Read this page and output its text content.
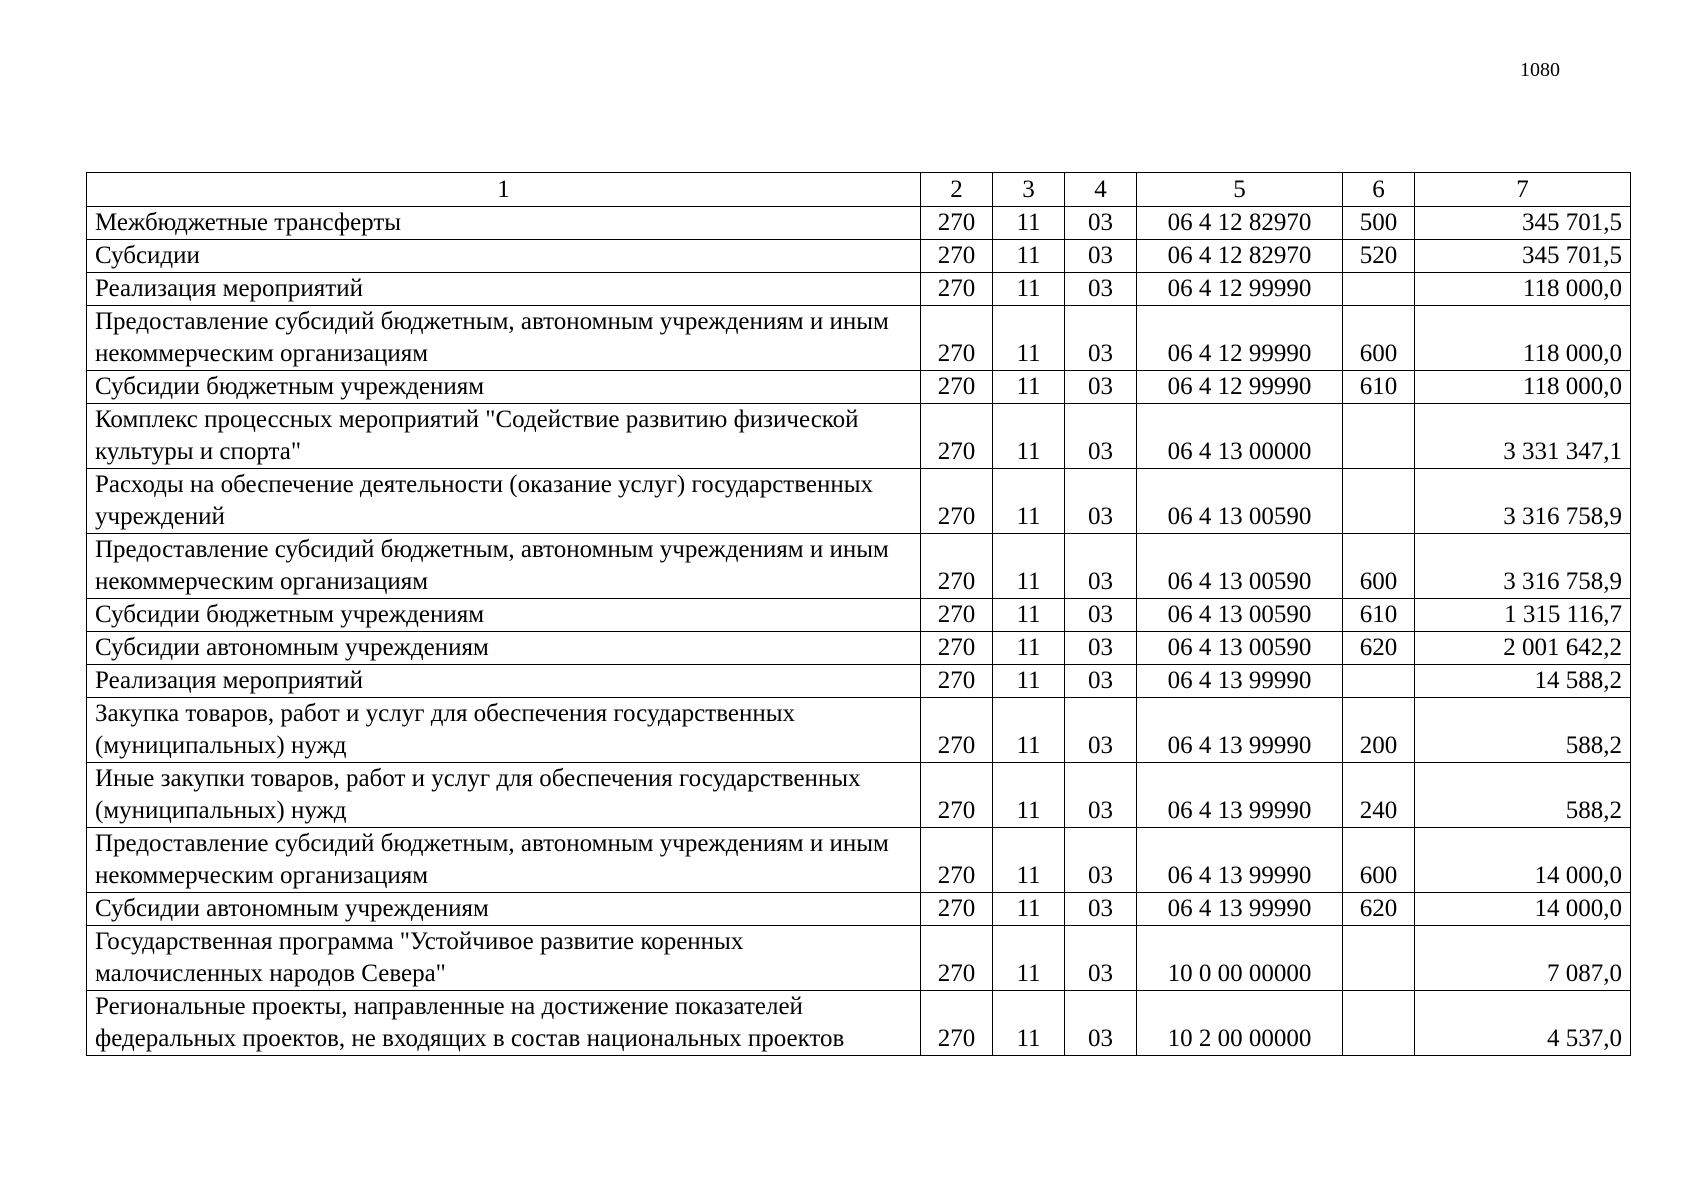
1080
1	2	3	4	5	6	7
Межбюджетные трансферты	270	11	03	06 4 12 82970	500	345 701,5
Субсидии	270	11	03	06 4 12 82970	520	345 701,5
Реализация мероприятий	270	11	03	06 4 12 99990		118 000,0
Предоставление субсидий бюджетным, автономным учреждениям и иным некоммерческим организациям	270	11	03	06 4 12 99990	600	118 000,0
Субсидии бюджетным учреждениям	270	11	03	06 4 12 99990	610	118 000,0
Комплекс процессных мероприятий "Содействие развитию физической культуры и спорта"	270	11	03	06 4 13 00000		3 331 347,1
Расходы на обеспечение деятельности (оказание услуг) государственных учреждений	270	11	03	06 4 13 00590		3 316 758,9
Предоставление субсидий бюджетным, автономным учреждениям и иным некоммерческим организациям	270	11	03	06 4 13 00590	600	3 316 758,9
Субсидии бюджетным учреждениям	270	11	03	06 4 13 00590	610	1 315 116,7
Субсидии автономным учреждениям	270	11	03	06 4 13 00590	620	2 001 642,2
Реализация мероприятий	270	11	03	06 4 13 99990		14 588,2
Закупка товаров, работ и услуг для обеспечения государственных (муниципальных) нужд	270	11	03	06 4 13 99990	200	588,2
Иные закупки товаров, работ и услуг для обеспечения государственных (муниципальных) нужд	270	11	03	06 4 13 99990	240	588,2
Предоставление субсидий бюджетным, автономным учреждениям и иным некоммерческим организациям	270	11	03	06 4 13 99990	600	14 000,0
Субсидии автономным учреждениям	270	11	03	06 4 13 99990	620	14 000,0
Государственная программа "Устойчивое развитие коренных малочисленных народов Севера"	270	11	03	10 0 00 00000		7 087,0
Региональные проекты, направленные на достижение показателей федеральных проектов, не входящих в состав национальных проектов	270	11	03	10 2 00 00000		4 537,0
